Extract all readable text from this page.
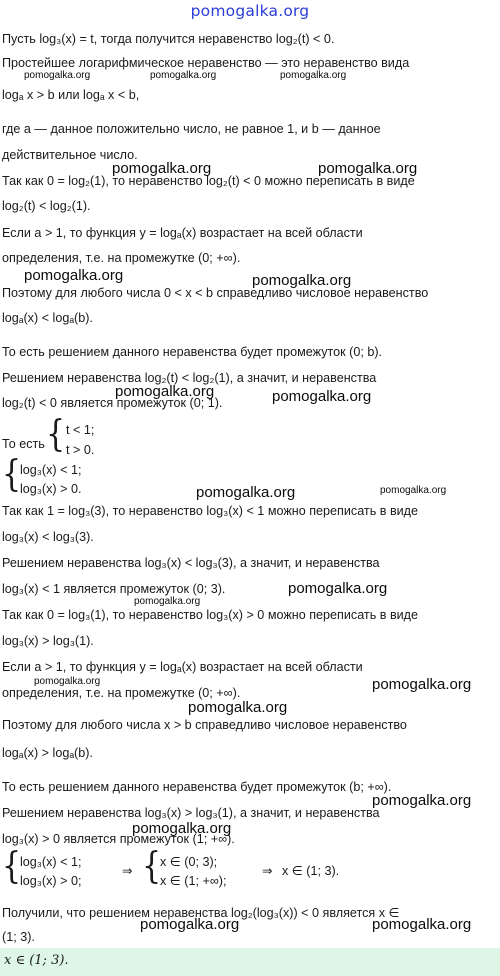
pomogalka.org
Пусть log₃(x) = t, тогда получится неравенство log₂(t) < 0.
Простейшее логарифмическое неравенство — это неравенство вида
logₐ x > b или logₐ x < b,
где a — данное положительно число, не равное 1, и b — данное
действительное число.
Так как 0 = log₂(1), то неравенство log₂(t) < 0 можно переписать в виде
log₂(t) < log₂(1).
Если a > 1, то функция y = logₐ(x) возрастает на всей области
определения, т.е. на промежутке (0; +∞).
Поэтому для любого числа 0 < x < b справедливо числовое неравенство
logₐ(x) < logₐ(b).
То есть решением данного неравенства будет промежуток (0; b).
Решением неравенства log₂(t) < log₂(1), а значит, и неравенства
log₂(t) < 0 является промежуток (0; 1).
То есть { t < 1;
t > 0.
{
log₃(x) < 1;
log₃(x) > 0.
Так как 1 = log₃(3), то неравенство log₃(x) < 1 можно переписать в виде
log₃(x) < log₃(3).
Решением неравенства log₃(x) < log₃(3), а значит, и неравенства
log₃(x) < 1 является промежуток (0; 3).
Так как 0 = log₃(1), то неравенство log₃(x) > 0 можно переписать в виде
log₃(x) > log₃(1).
Если a > 1, то функция y = logₐ(x) возрастает на всей области
определения, т.е. на промежутке (0; +∞).
Поэтому для любого числа x > b справедливо числовое неравенство
logₐ(x) > logₐ(b).
То есть решением данного неравенства будет промежуток (b; +∞).
Решением неравенства log₃(x) > log₃(1), а значит, и неравенства
log₃(x) > 0 является промежуток (1; +∞).
{
log₃(x) < 1;
log₃(x) > 0;
⇒ {
x ∈ (0; 3);
x ∈ (1; +∞);
⇒ x ∈ (1; 3).
Получили, что решением неравенства log₂(log₃(x)) < 0 является x ∈
(1; 3).
x ∈ (1; 3).
pomogalka.org	pomogalka.org	pomogalka.org
pomogalka.org	pomogalka.org
pomogalka.org	pomogalka.org
pomogalka.org	pomogalka.org
pomogalka.org	pomogalka.org
pomogalka.org
pomogalka.org
pomogalka.org	pomogalka.org
pomogalka.org
pomogalka.org
pomogalka.org
pomogalka.org	pomogalka.org
